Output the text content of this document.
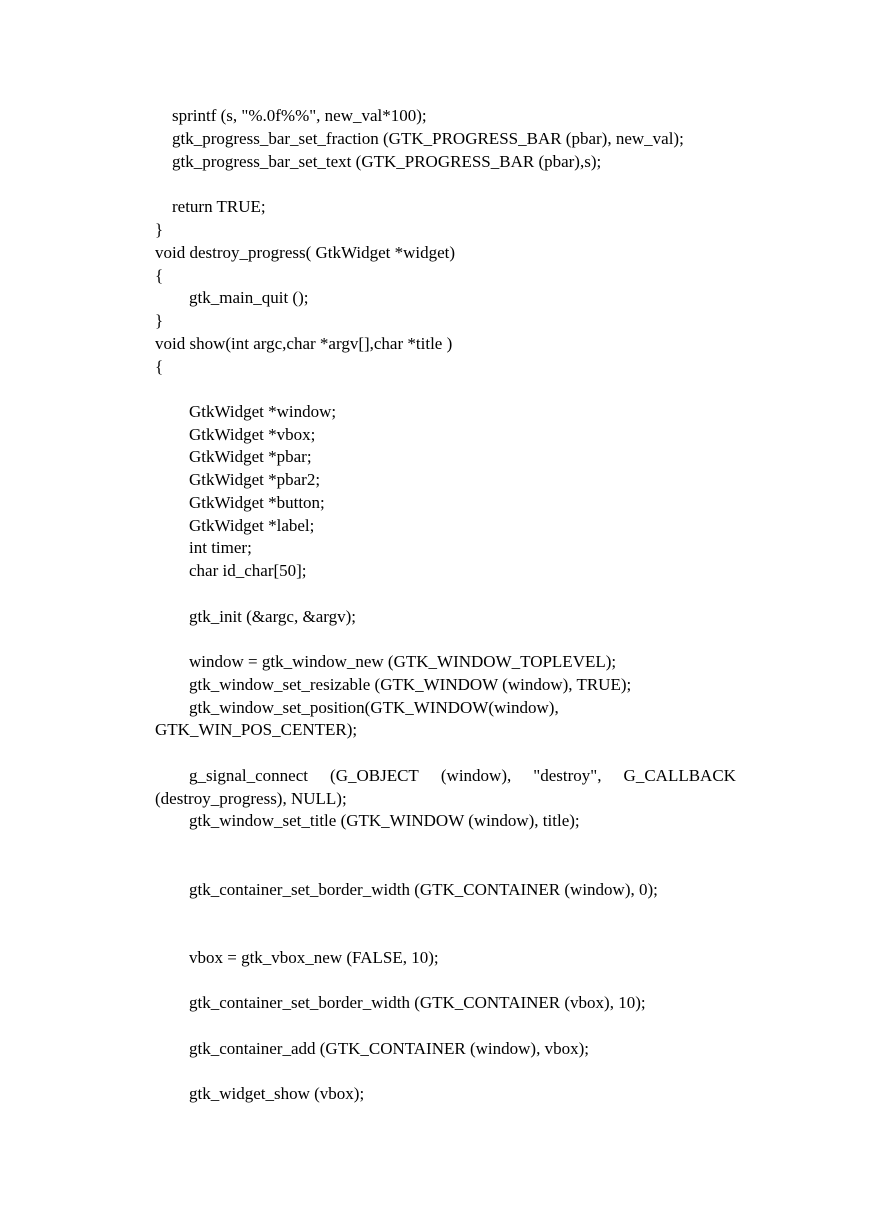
sprintf (s, "%.0f%%", new_val*100);

gtk_progress_bar_set_fraction (GTK_PROGRESS_BAR (pbar), new_val);

gtk_progress_bar_set_text (GTK_PROGRESS_BAR (pbar),s);

return TRUE;

}

void destroy_progress( GtkWidget *widget)

{

gtk_main_quit ();

}

void show(int argc,char *argv[],char *title )

{

GtkWidget *window;

GtkWidget *vbox;

GtkWidget *pbar;

GtkWidget *pbar2;

GtkWidget *button;

GtkWidget *label;

int timer;

char id_char[50];

gtk_init (&argc, &argv);

window = gtk_window_new (GTK_WINDOW_TOPLEVEL);

gtk_window_set_resizable (GTK_WINDOW (window), TRUE);

gtk_window_set_position(GTK_WINDOW(window),

GTK_WIN_POS_CENTER);

g_signal_connect (G_OBJECT (window), "destroy", G_CALLBACK

(destroy_progress), NULL);

gtk_window_set_title (GTK_WINDOW (window), title);

gtk_container_set_border_width (GTK_CONTAINER (window), 0);

vbox = gtk_vbox_new (FALSE, 10);

gtk_container_set_border_width (GTK_CONTAINER (vbox), 10);

gtk_container_add (GTK_CONTAINER (window), vbox);

gtk_widget_show (vbox);
